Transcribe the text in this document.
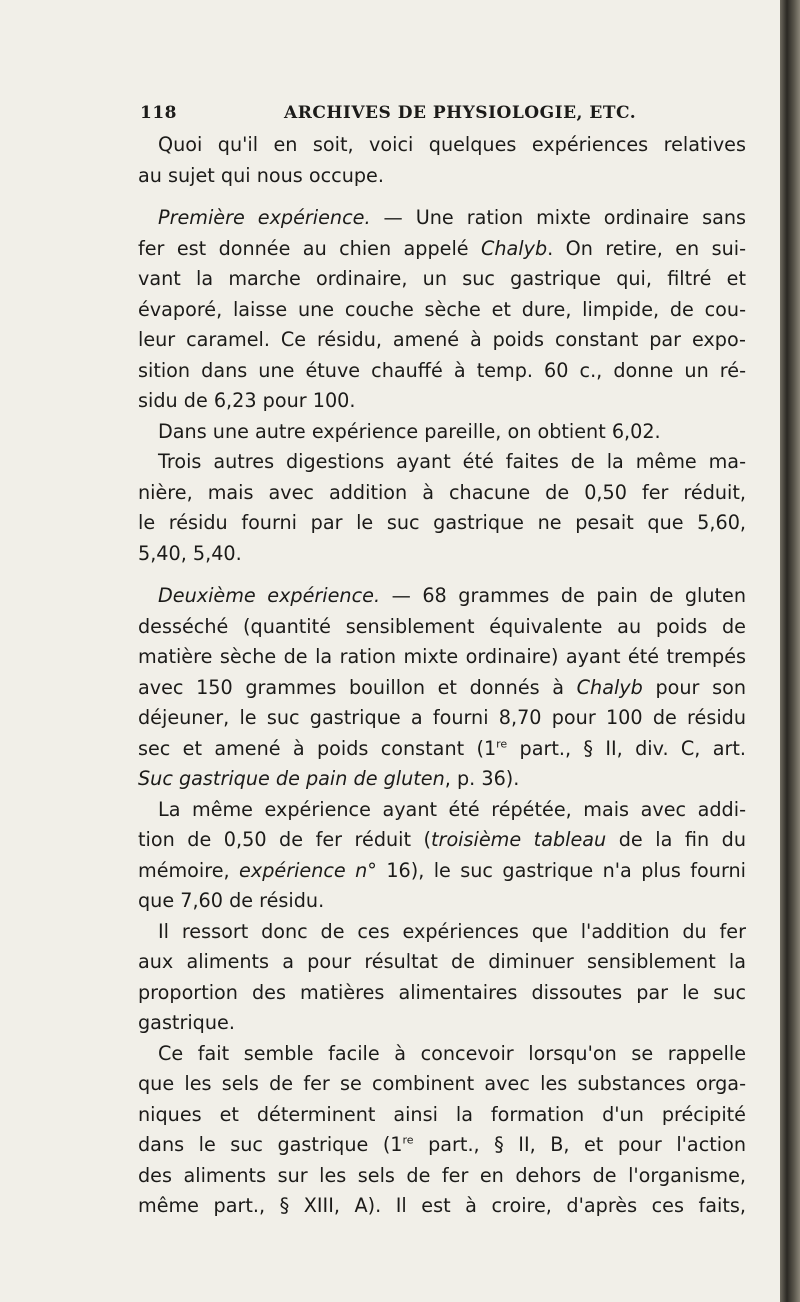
118	ARCHIVES DE PHYSIOLOGIE, ETC.
Quoi qu'il en soit, voici quelques expériences relatives
au sujet qui nous occupe.
Première expérience. — Une ration mixte ordinaire sans
fer est donnée au chien appelé Chalyb. On retire, en sui-
vant la marche ordinaire, un suc gastrique qui, filtré et
évaporé, laisse une couche sèche et dure, limpide, de cou-
leur caramel. Ce résidu, amené à poids constant par expo-
sition dans une étuve chauffé à temp. 60 c., donne un ré-
sidu de 6,23 pour 100.
Dans une autre expérience pareille, on obtient 6,02.
Trois autres digestions ayant été faites de la même ma-
nière, mais avec addition à chacune de 0,50 fer réduit,
le résidu fourni par le suc gastrique ne pesait que 5,60,
5,40, 5,40.
Deuxième expérience. — 68 grammes de pain de gluten
desséché (quantité sensiblement équivalente au poids de
matière sèche de la ration mixte ordinaire) ayant été trempés
avec 150 grammes bouillon et donnés à Chalyb pour son
déjeuner, le suc gastrique a fourni 8,70 pour 100 de résidu
sec et amené à poids constant (1re part., § II, div. C, art.
Suc gastrique de pain de gluten, p. 36).
La même expérience ayant été répétée, mais avec addi-
tion de 0,50 de fer réduit (troisième tableau de la fin du
mémoire, expérience n° 16), le suc gastrique n'a plus fourni
que 7,60 de résidu.
Il ressort donc de ces expériences que l'addition du fer
aux aliments a pour résultat de diminuer sensiblement la
proportion des matières alimentaires dissoutes par le suc
gastrique.
Ce fait semble facile à concevoir lorsqu'on se rappelle
que les sels de fer se combinent avec les substances orga-
niques et déterminent ainsi la formation d'un précipité
dans le suc gastrique (1re part., § II, B, et pour l'action
des aliments sur les sels de fer en dehors de l'organisme,
même part., § XIII, A). Il est à croire, d'après ces faits,
